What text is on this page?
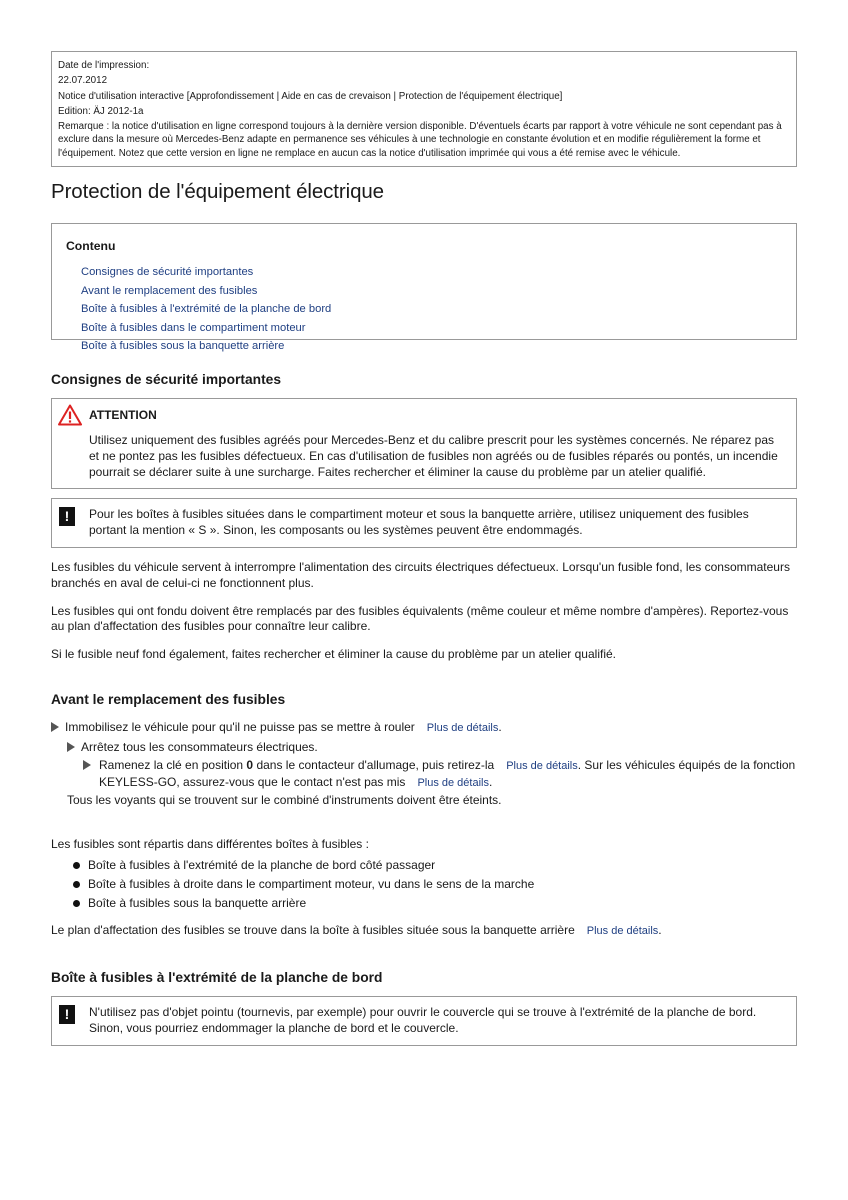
Date de l'impression:
22.07.2012
Notice d'utilisation interactive [Approfondissement | Aide en cas de crevaison | Protection de l'équipement électrique]
Edition: ÄJ 2012-1a
Remarque : la notice d'utilisation en ligne correspond toujours à la dernière version disponible. D'éventuels écarts par rapport à votre véhicule ne sont cependant pas à exclure dans la mesure où Mercedes-Benz adapte en permanence ses véhicules à une technologie en constante évolution et en modifie régulièrement la forme et l'équipement. Notez que cette version en ligne ne remplace en aucun cas la notice d'utilisation imprimée qui vous a été remise avec le véhicule.
Protection de l'équipement électrique
Contenu
Consignes de sécurité importantes
Avant le remplacement des fusibles
Boîte à fusibles à l'extrémité de la planche de bord
Boîte à fusibles dans le compartiment moteur
Boîte à fusibles sous la banquette arrière
Consignes de sécurité importantes
ATTENTION
Utilisez uniquement des fusibles agréés pour Mercedes-Benz et du calibre prescrit pour les systèmes concernés. Ne réparez pas et ne pontez pas les fusibles défectueux. En cas d'utilisation de fusibles non agréés ou de fusibles réparés ou pontés, un incendie pourrait se déclarer suite à une surcharge. Faites rechercher et éliminer la cause du problème par un atelier qualifié.
!	Pour les boîtes à fusibles situées dans le compartiment moteur et sous la banquette arrière, utilisez uniquement des fusibles portant la mention « S ». Sinon, les composants ou les systèmes peuvent être endommagés.

Les fusibles du véhicule servent à interrompre l'alimentation des circuits électriques défectueux. Lorsqu'un fusible fond, les consommateurs branchés en aval de celui-ci ne fonctionnent plus.

Les fusibles qui ont fondu doivent être remplacés par des fusibles équivalents (même couleur et même nombre d'ampères). Reportez-vous au plan d'affectation des fusibles pour connaître leur calibre.

Si le fusible neuf fond également, faites rechercher et éliminer la cause du problème par un atelier qualifié.

Avant le remplacement des fusibles
Immobilisez le véhicule pour qu'il ne puisse pas se mettre à rouler Plus de détails.
Arrêtez tous les consommateurs électriques.
Ramenez la clé en position 0 dans le contacteur d'allumage, puis retirez-la Plus de détails. Sur les véhicules équipés de la fonction KEYLESS-GO, assurez-vous que le contact n'est pas mis Plus de détails.
Tous les voyants qui se trouvent sur le combiné d'instruments doivent être éteints.

Les fusibles sont répartis dans différentes boîtes à fusibles :

Boîte à fusibles à l'extrémité de la planche de bord côté passager
Boîte à fusibles à droite dans le compartiment moteur, vu dans le sens de la marche
Boîte à fusibles sous la banquette arrière

Le plan d'affectation des fusibles se trouve dans la boîte à fusibles située sous la banquette arrière Plus de détails.

Boîte à fusibles à l'extrémité de la planche de bord
!	N'utilisez pas d'objet pointu (tournevis, par exemple) pour ouvrir le couvercle qui se trouve à l'extrémité de la planche de bord. Sinon, vous pourriez endommager la planche de bord et le couvercle.
